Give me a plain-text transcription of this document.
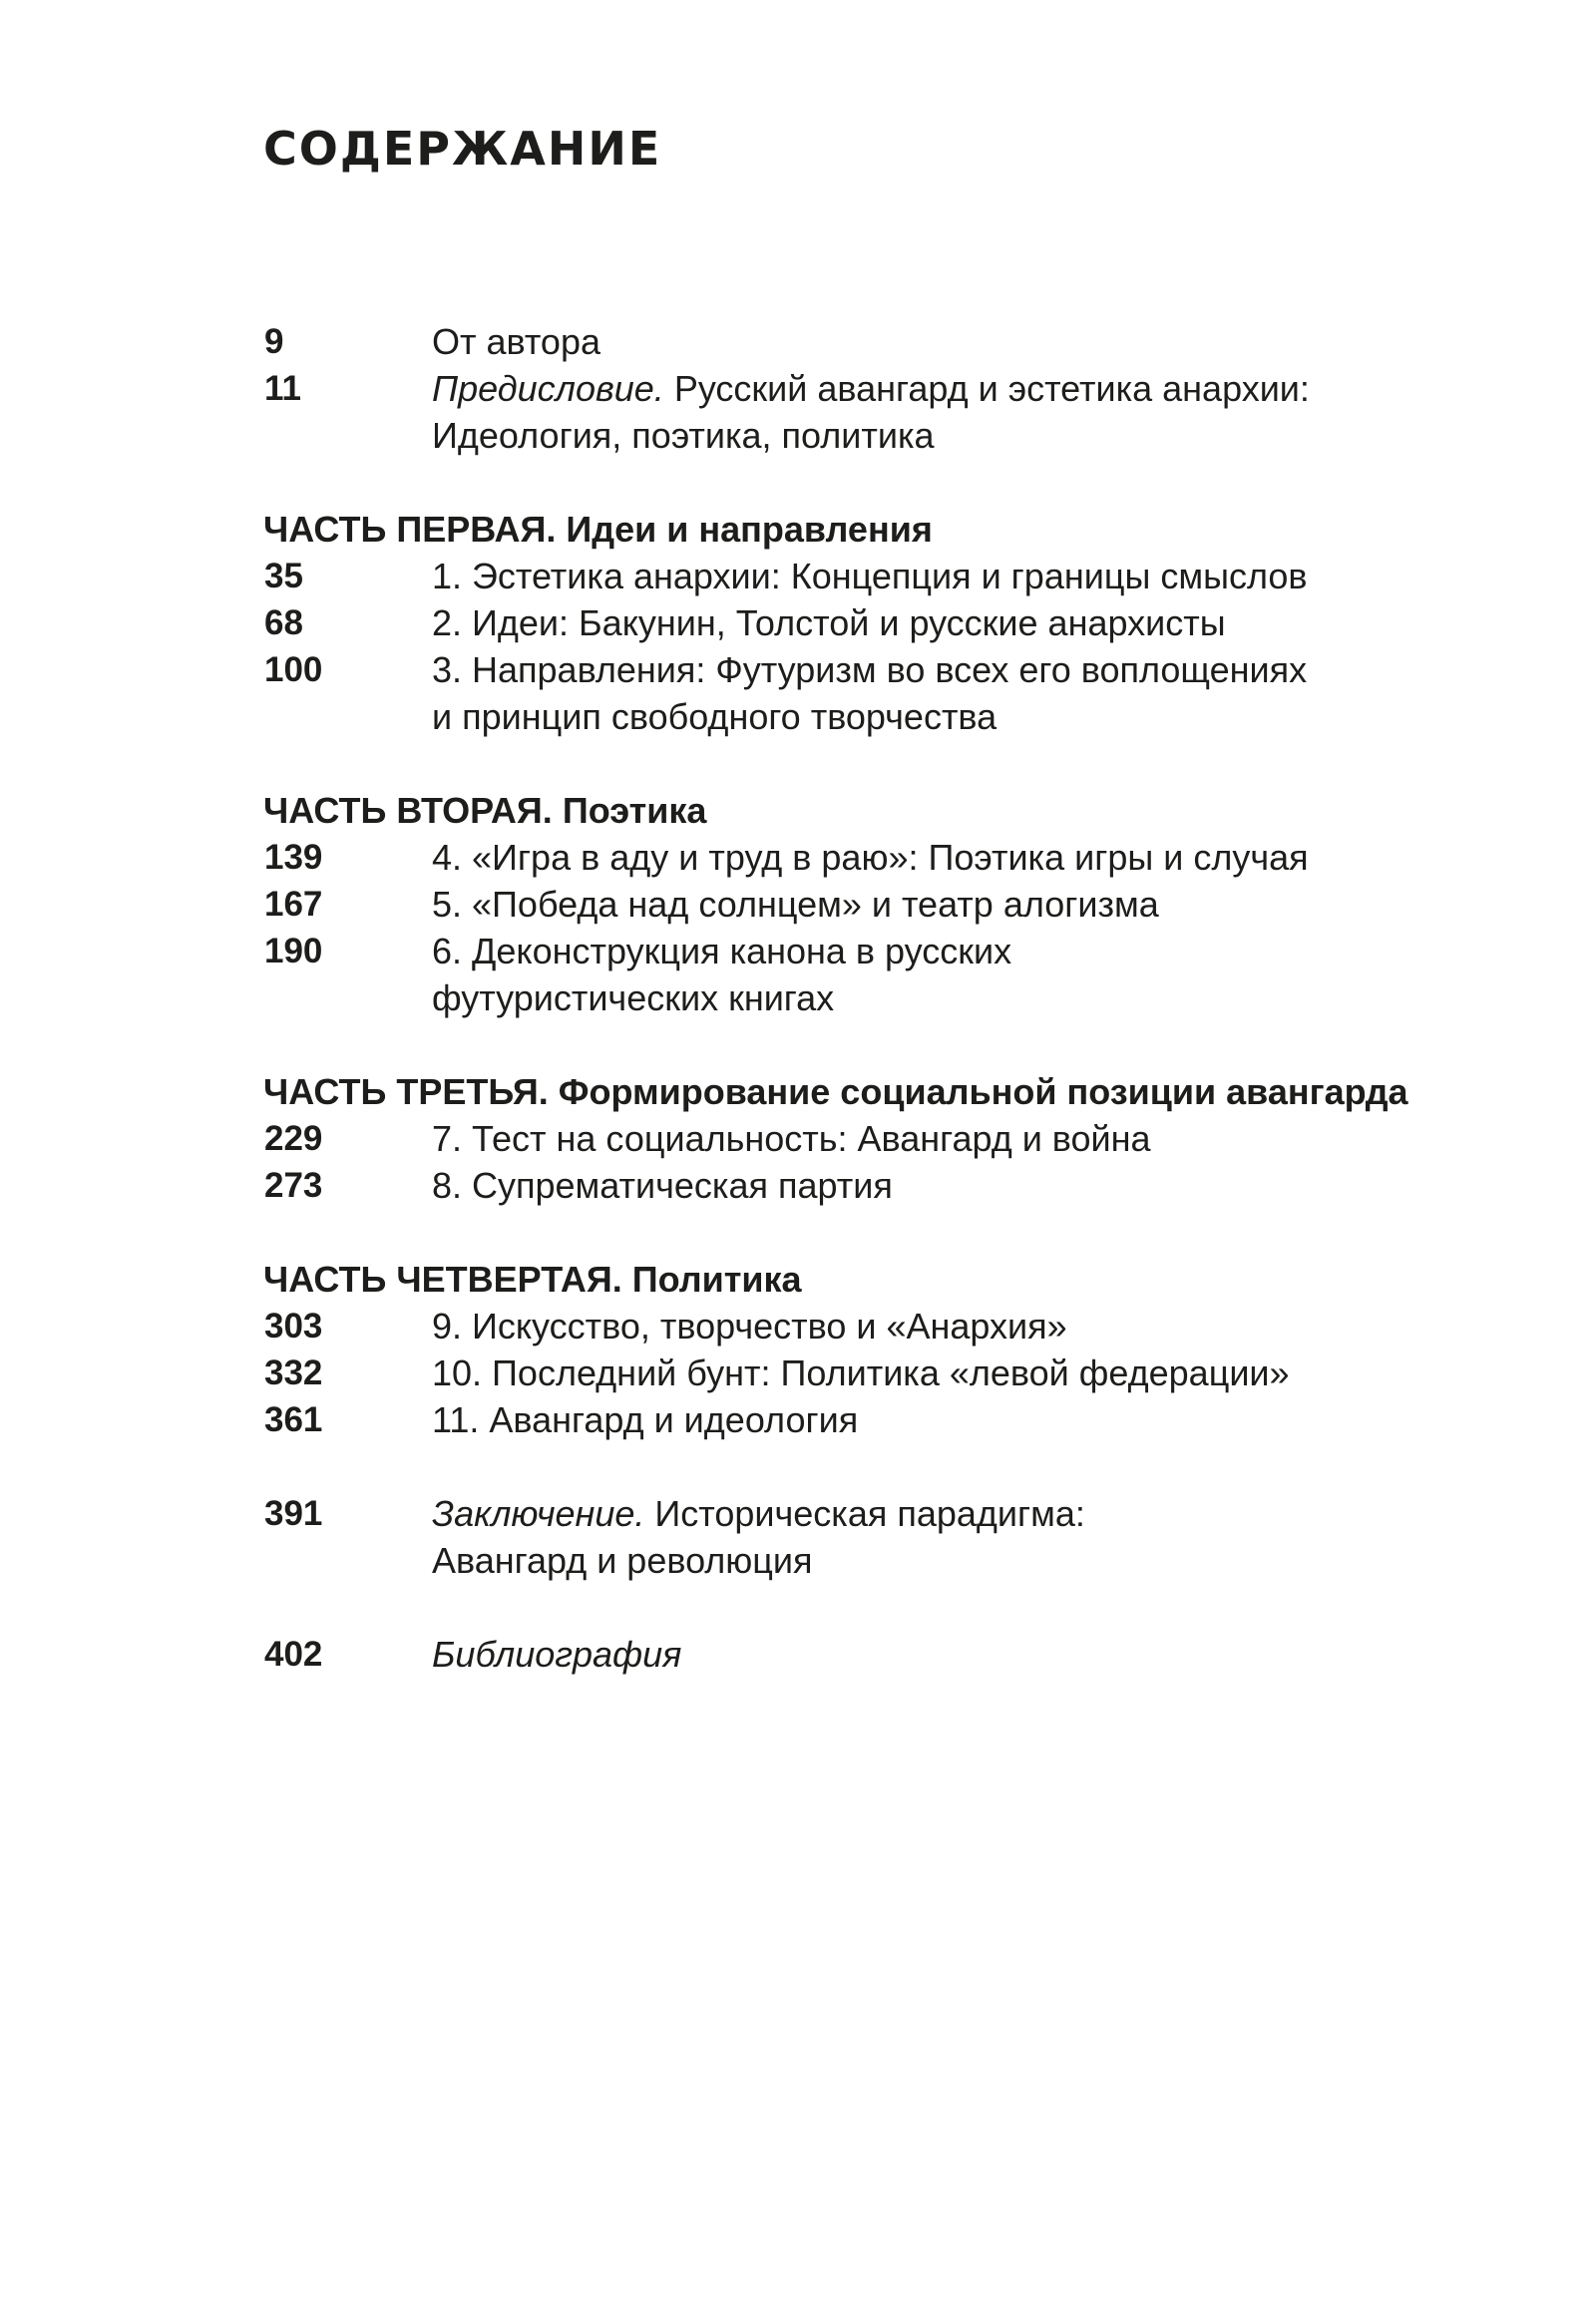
СОДЕРЖАНИЕ
9	От автора
11	Предисловие. Русский авангард и эстетика анархии:
Идеология, поэтика, политика
ЧАСТЬ ПЕРВАЯ. Идеи и направления
35	1. Эстетика анархии: Концепция и границы смыслов
68	2. Идеи: Бакунин, Толстой и русские анархисты
100	3. Направления: Футуризм во всех его воплощениях
и принцип свободного творчества
ЧАСТЬ ВТОРАЯ. Поэтика
139	4. «Игра в аду и труд в раю»: Поэтика игры и случая
167	5. «Победа над солнцем» и театр алогизма
190	6. Деконструкция канона в русских
футуристических книгах
ЧАСТЬ ТРЕТЬЯ. Формирование социальной позиции авангарда
229	7. Тест на социальность: Авангард и война
273	8. Супрематическая партия
ЧАСТЬ ЧЕТВЕРТАЯ. Политика
303	9. Искусство, творчество и «Анархия»
332	10. Последний бунт: Политика «левой федерации»
361	11. Авангард и идеология
391	Заключение. Историческая парадигма:
Авангард и революция
402	Библиография
